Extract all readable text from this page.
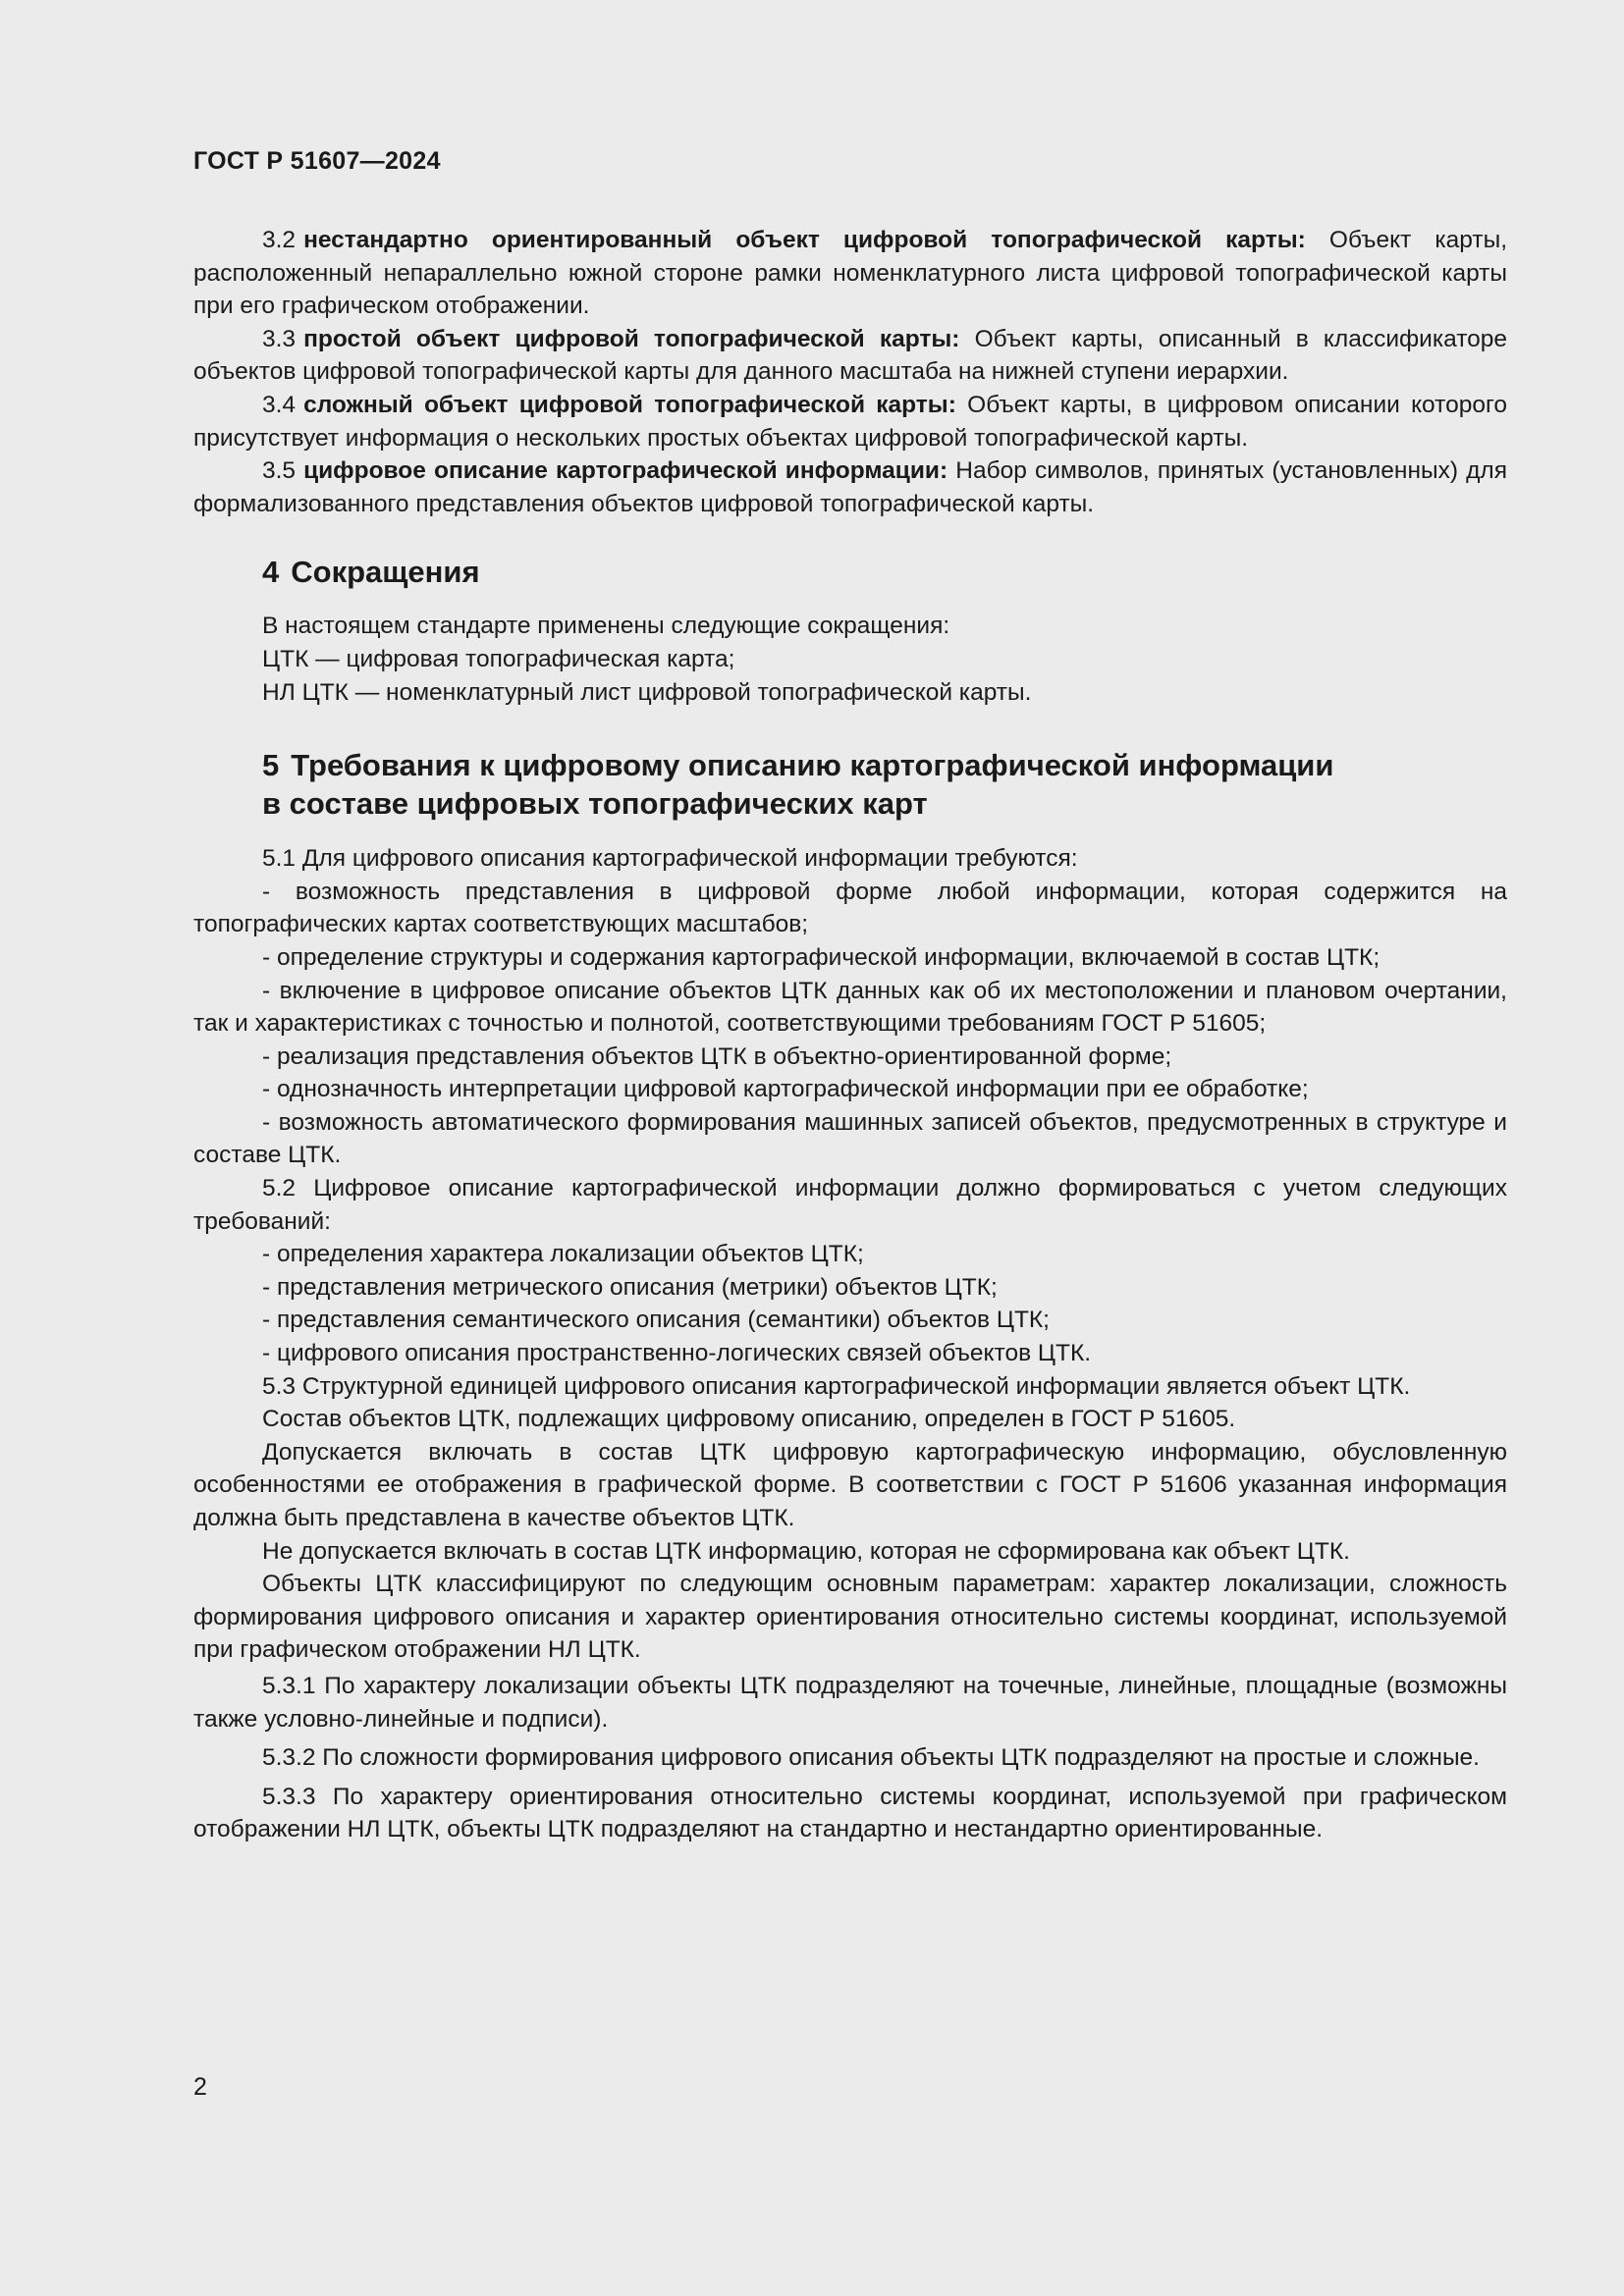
ГОСТ Р 51607—2024

3.2 нестандартно ориентированный объект цифровой топографической карты: Объект карты, расположенный непараллельно южной стороне рамки номенклатурного листа цифровой топографической карты при его графическом отображении.

3.3 простой объект цифровой топографической карты: Объект карты, описанный в классификаторе объектов цифровой топографической карты для данного масштаба на нижней ступени иерархии.

3.4 сложный объект цифровой топографической карты: Объект карты, в цифровом описании которого присутствует информация о нескольких простых объектах цифровой топографической карты.

3.5 цифровое описание картографической информации: Набор символов, принятых (установленных) для формализованного представления объектов цифровой топографической карты.

4 Сокращения

В настоящем стандарте применены следующие сокращения:

ЦТК — цифровая топографическая карта;

НЛ ЦТК — номенклатурный лист цифровой топографической карты.

5 Требования к цифровому описанию картографической информации
в составе цифровых топографических карт

5.1 Для цифрового описания картографической информации требуются:

- возможность представления в цифровой форме любой информации, которая содержится на топографических картах соответствующих масштабов;

- определение структуры и содержания картографической информации, включаемой в состав ЦТК;

- включение в цифровое описание объектов ЦТК данных как об их местоположении и плановом очертании, так и характеристиках с точностью и полнотой, соответствующими требованиям ГОСТ Р 51605;

- реализация представления объектов ЦТК в объектно-ориентированной форме;

- однозначность интерпретации цифровой картографической информации при ее обработке;

- возможность автоматического формирования машинных записей объектов, предусмотренных в структуре и составе ЦТК.

5.2 Цифровое описание картографической информации должно формироваться с учетом следующих требований:

- определения характера локализации объектов ЦТК;

- представления метрического описания (метрики) объектов ЦТК;

- представления семантического описания (семантики) объектов ЦТК;

- цифрового описания пространственно-логических связей объектов ЦТК.

5.3 Структурной единицей цифрового описания картографической информации является объект ЦТК.

Состав объектов ЦТК, подлежащих цифровому описанию, определен в ГОСТ Р 51605.

Допускается включать в состав ЦТК цифровую картографическую информацию, обусловленную особенностями ее отображения в графической форме. В соответствии с ГОСТ Р 51606 указанная информация должна быть представлена в качестве объектов ЦТК.

Не допускается включать в состав ЦТК информацию, которая не сформирована как объект ЦТК.

Объекты ЦТК классифицируют по следующим основным параметрам: характер локализации, сложность формирования цифрового описания и характер ориентирования относительно системы координат, используемой при графическом отображении НЛ ЦТК.

5.3.1 По характеру локализации объекты ЦТК подразделяют на точечные, линейные, площадные (возможны также условно-линейные и подписи).

5.3.2 По сложности формирования цифрового описания объекты ЦТК подразделяют на простые и сложные.

5.3.3 По характеру ориентирования относительно системы координат, используемой при графическом отображении НЛ ЦТК, объекты ЦТК подразделяют на стандартно и нестандартно ориентированные.

2
